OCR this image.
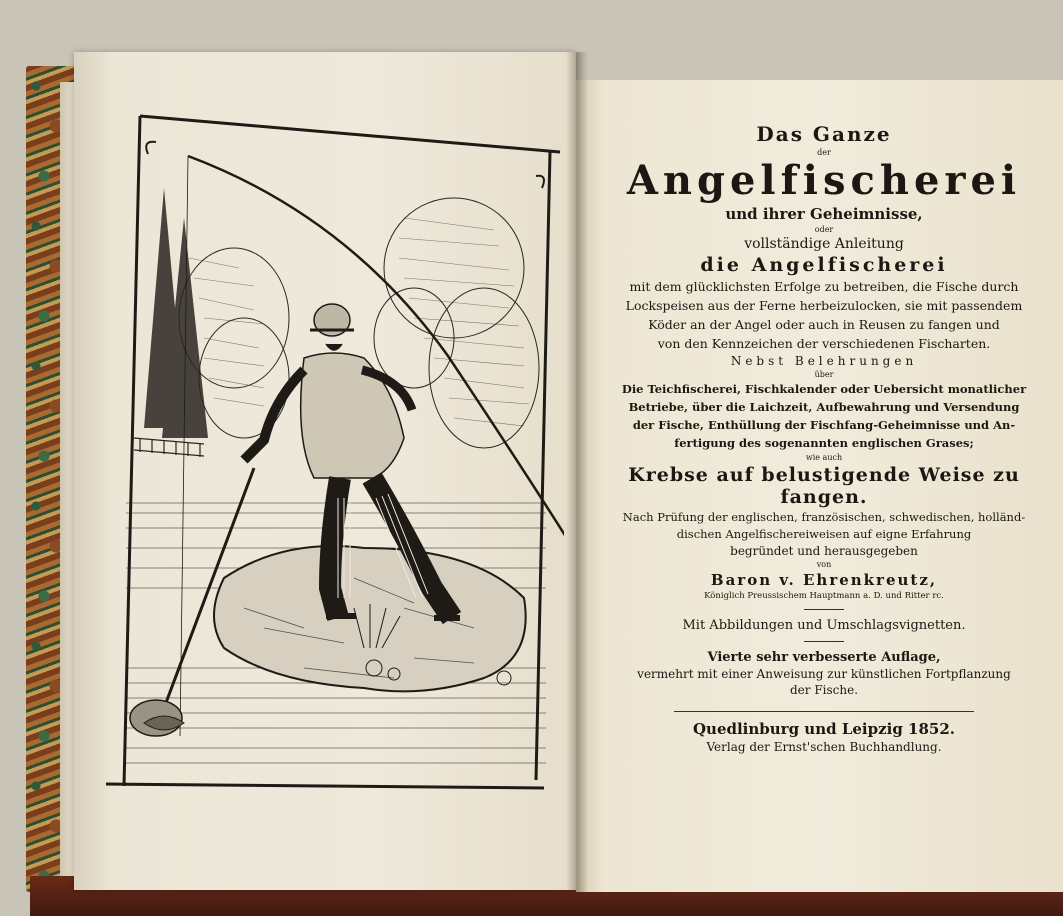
Das Ganze
der
Angelfischerei
und ihrer Geheimnisse,
oder
vollständige Anleitung
die Angelfischerei
mit dem glücklichsten Erfolge zu betreiben, die Fische durch
Lockspeisen aus der Ferne herbeizulocken, sie mit passendem
Köder an der Angel oder auch in Reusen zu fangen und
von den Kennzeichen der verschiedenen Fischarten.
Nebst Belehrungen
über
Die Teichfischerei, Fischkalender oder Uebersicht monatlicher
Betriebe, über die Laichzeit, Aufbewahrung und Versendung
der Fische, Enthüllung der Fischfang-Geheimnisse und An-
fertigung des sogenannten englischen Grases;
wie auch
Krebse auf belustigende Weise zu fangen.
Nach Prüfung der englischen, französischen, schwedischen, holländ-
dischen Angelfischereiweisen auf eigne Erfahrung
begründet und herausgegeben
von
Baron v. Ehrenkreutz,
Königlich Preussischem Hauptmann a. D. und Ritter rc.
Mit Abbildungen und Umschlagsvignetten.
Vierte sehr verbesserte Auflage,
vermehrt mit einer Anweisung zur künstlichen Fortpflanzung
der Fische.
Quedlinburg und Leipzig 1852.
Verlag der Ernst'schen Buchhandlung.
